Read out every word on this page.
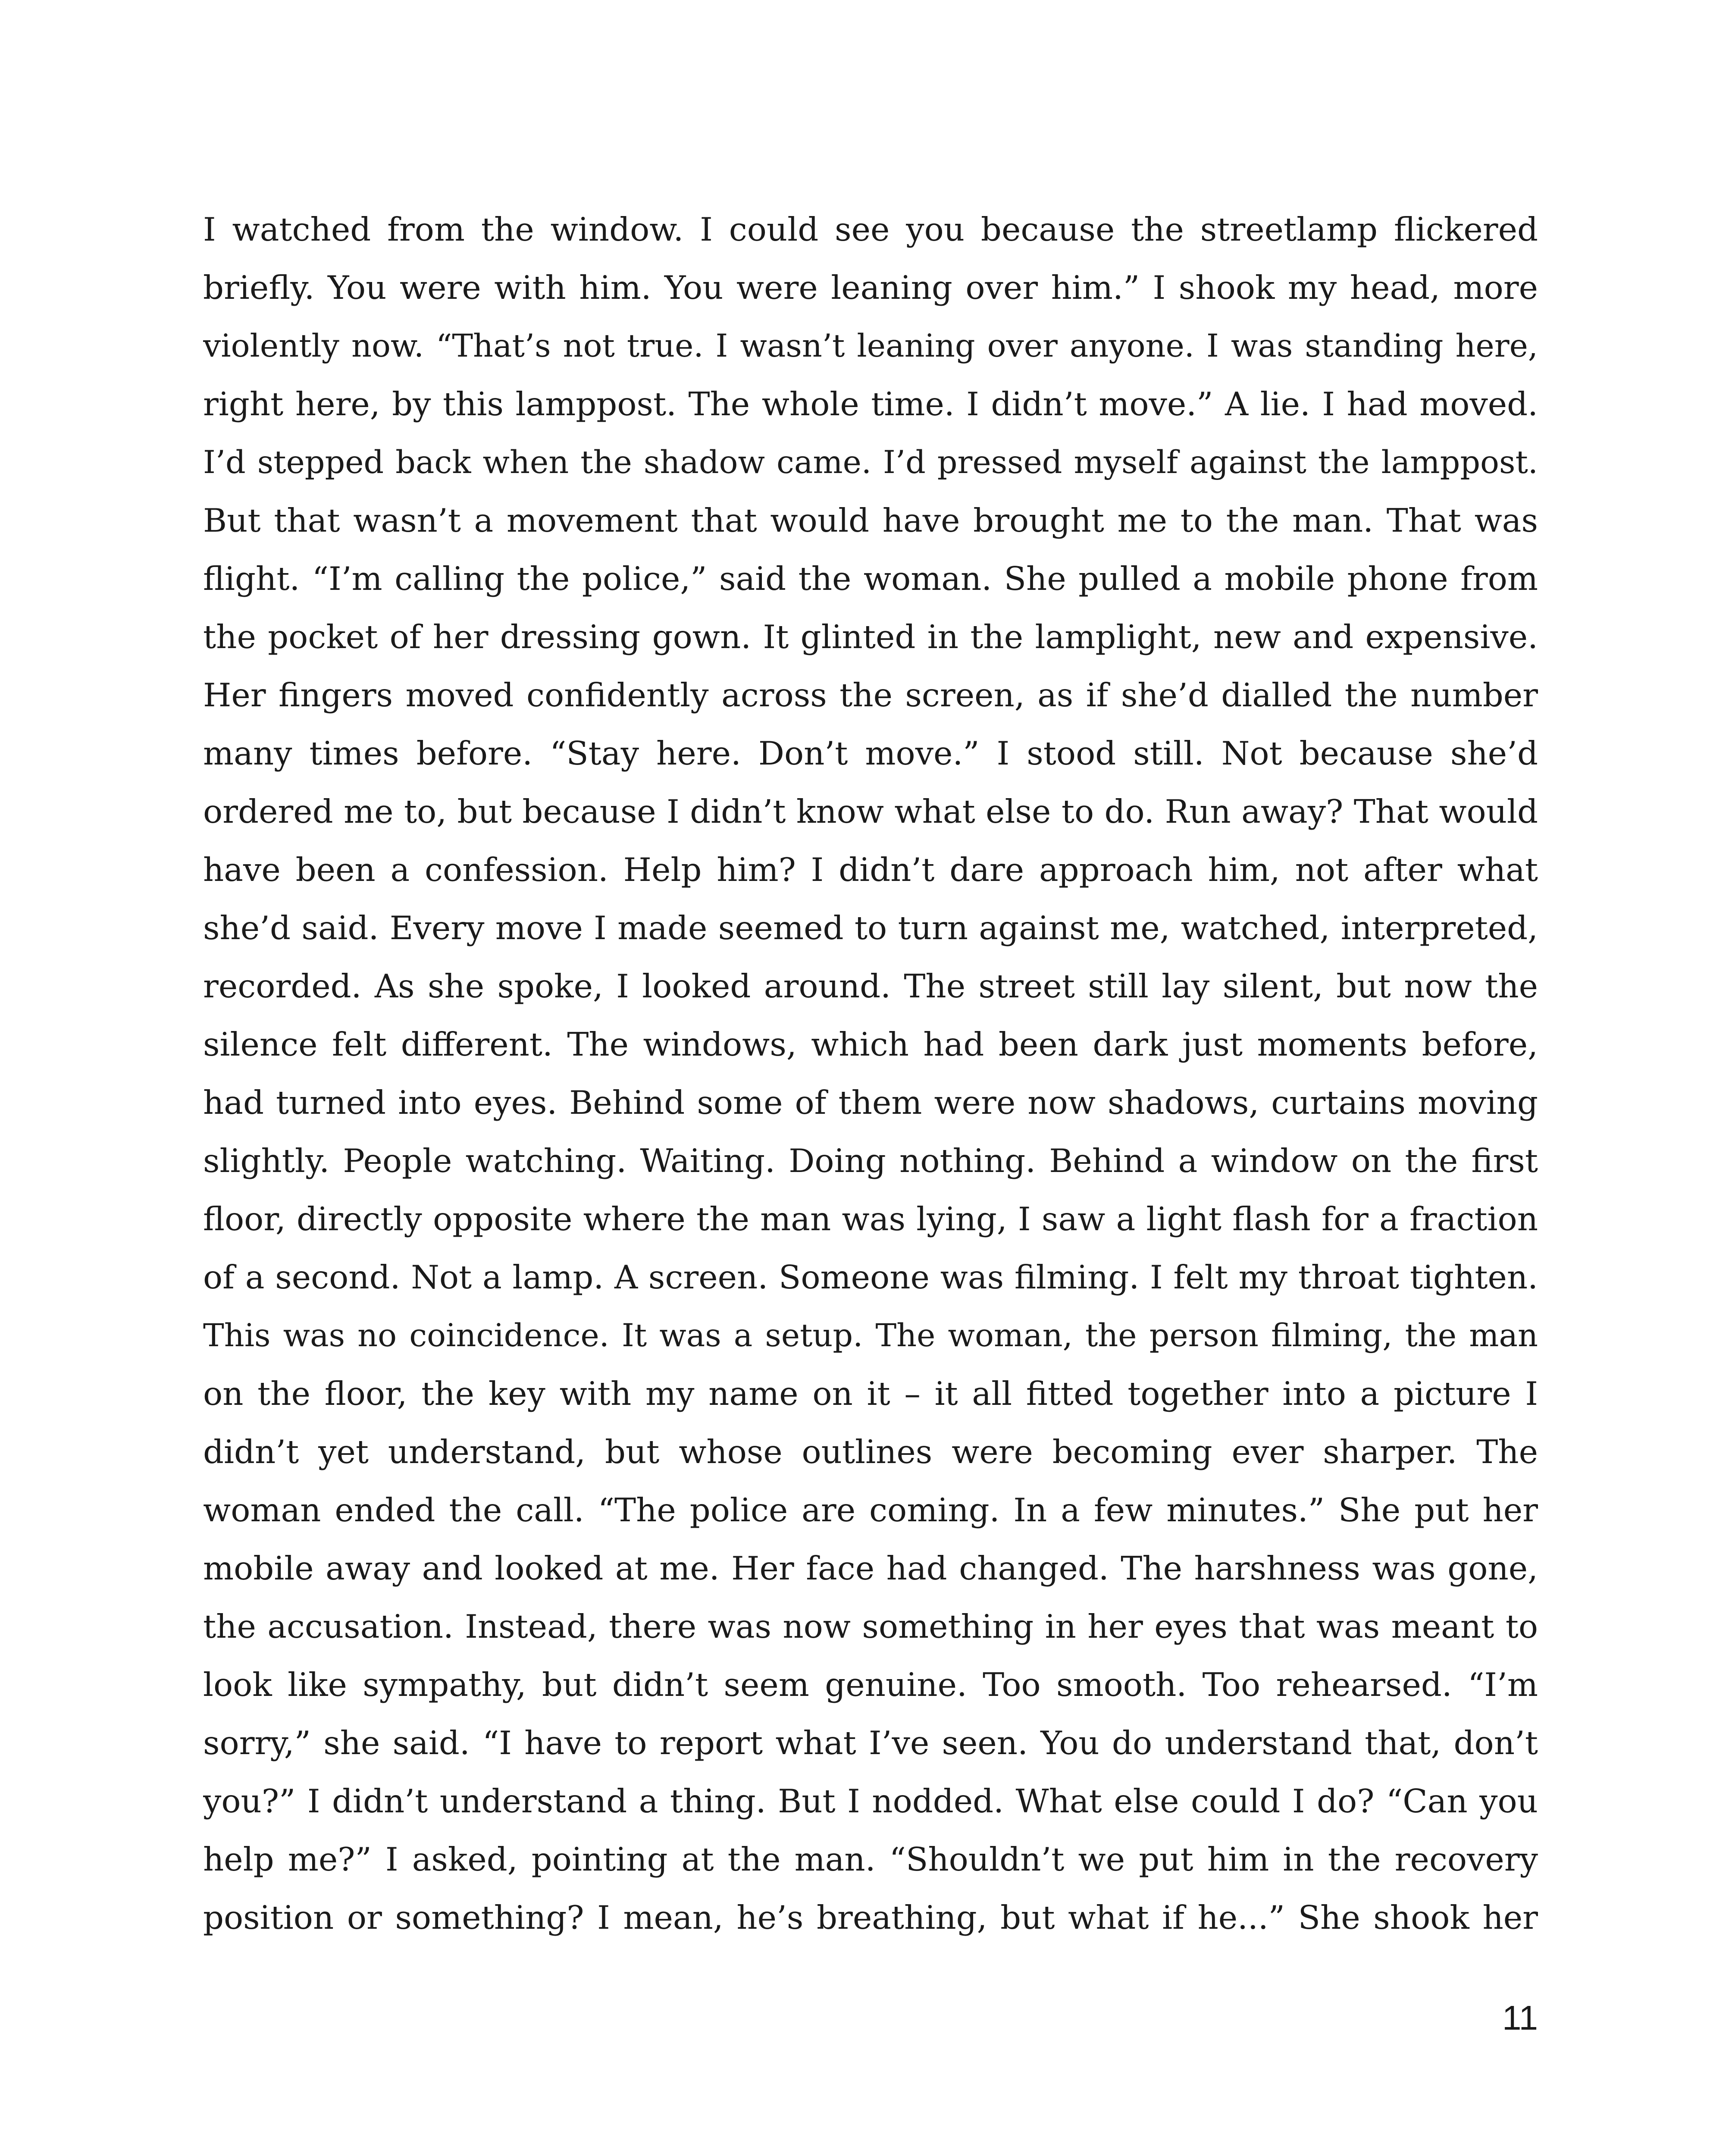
I watched from the window. I could see you because the streetlamp flickered

briefly. You were with him. You were leaning over him.” I shook my head, more

violently now. “That’s not true. I wasn’t leaning over anyone. I was standing here,

right here, by this lamppost. The whole time. I didn’t move.” A lie. I had moved.

I’d stepped back when the shadow came. I’d pressed myself against the lamppost.

But that wasn’t a movement that would have brought me to the man. That was

flight. “I’m calling the police,” said the woman. She pulled a mobile phone from

the pocket of her dressing gown. It glinted in the lamplight, new and expensive.

Her fingers moved confidently across the screen, as if she’d dialled the number

many times before. “Stay here. Don’t move.” I stood still. Not because she’d

ordered me to, but because I didn’t know what else to do. Run away? That would

have been a confession. Help him? I didn’t dare approach him, not after what

she’d said. Every move I made seemed to turn against me, watched, interpreted,

recorded. As she spoke, I looked around. The street still lay silent, but now the

silence felt different. The windows, which had been dark just moments before,

had turned into eyes. Behind some of them were now shadows, curtains moving

slightly. People watching. Waiting. Doing nothing. Behind a window on the first

floor, directly opposite where the man was lying, I saw a light flash for a fraction

of a second. Not a lamp. A screen. Someone was filming. I felt my throat tighten.

This was no coincidence. It was a setup. The woman, the person filming, the man

on the floor, the key with my name on it – it all fitted together into a picture I

didn’t yet understand, but whose outlines were becoming ever sharper. The

woman ended the call. “The police are coming. In a few minutes.” She put her

mobile away and looked at me. Her face had changed. The harshness was gone,

the accusation. Instead, there was now something in her eyes that was meant to

look like sympathy, but didn’t seem genuine. Too smooth. Too rehearsed. “I’m

sorry,” she said. “I have to report what I’ve seen. You do understand that, don’t

you?” I didn’t understand a thing. But I nodded. What else could I do? “Can you

help me?” I asked, pointing at the man. “Shouldn’t we put him in the recovery

position or something? I mean, he’s breathing, but what if he...” She shook her

11
